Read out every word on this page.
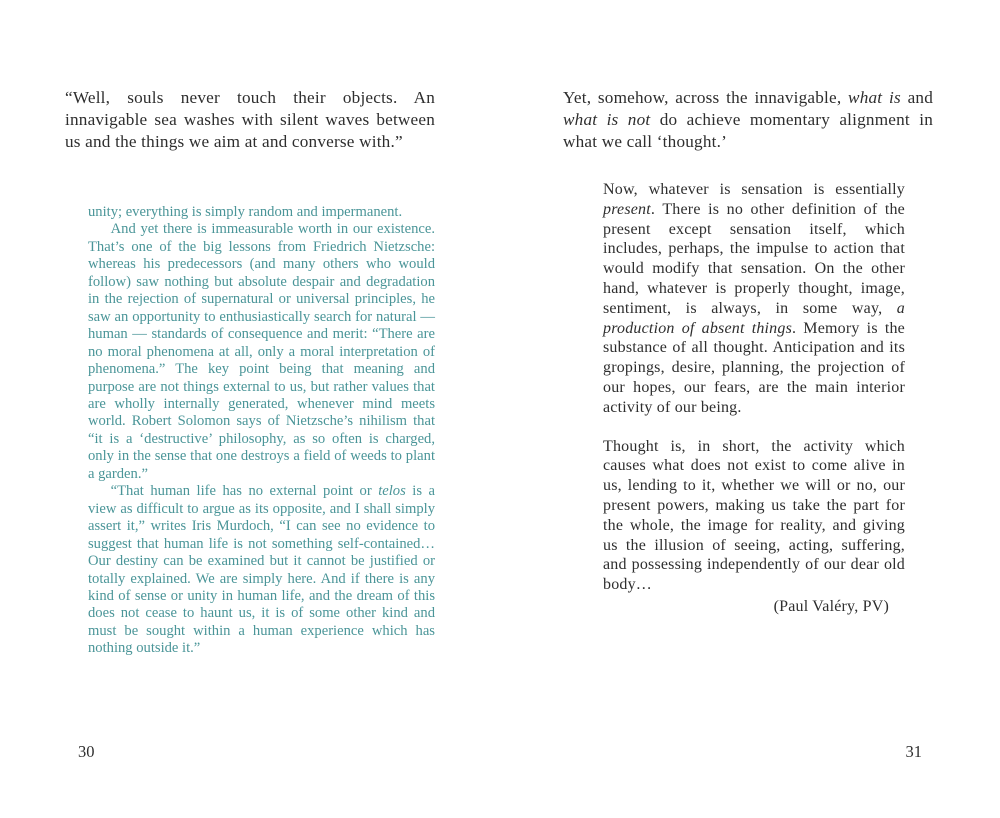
“Well, souls never touch their objects. An innavigable sea washes with silent waves between us and the things we aim at and converse with.”

unity; everything is simply random and impermanent.

And yet there is immeasurable worth in our existence. That’s one of the big lessons from Friedrich Nietzsche: whereas his predecessors (and many others who would follow) saw nothing but absolute despair and degradation in the rejection of supernatural or universal principles, he saw an opportunity to enthusiastically search for natural — human — standards of consequence and merit: “There are no moral phenomena at all, only a moral interpretation of phenomena.” The key point being that meaning and purpose are not things external to us, but rather values that are wholly internally generated, whenever mind meets world. Robert Solomon says of Nietzsche’s nihilism that “it is a ‘destructive’ philosophy, as so often is charged, only in the sense that one destroys a field of weeds to plant a garden.”

“That human life has no external point or telos is a view as difficult to argue as its opposite, and I shall simply assert it,” writes Iris Murdoch, “I can see no evidence to suggest that human life is not something self-contained… Our destiny can be examined but it cannot be justified or totally explained. We are simply here. And if there is any kind of sense or unity in human life, and the dream of this does not cease to haunt us, it is of some other kind and must be sought within a human experience which has nothing outside it.”

30

Yet, somehow, across the innavigable, what is and what is not do achieve momentary alignment in what we call ‘thought.’

Now, whatever is sensation is essentially present. There is no other definition of the present except sensation itself, which includes, perhaps, the impulse to action that would modify that sensation. On the other hand, whatever is properly thought, image, sentiment, is always, in some way, a production of absent things. Memory is the substance of all thought. Anticipation and its gropings, desire, planning, the projection of our hopes, our fears, are the main interior activity of our being.

Thought is, in short, the activity which causes what does not exist to come alive in us, lending to it, whether we will or no, our present powers, making us take the part for the whole, the image for reality, and giving us the illusion of seeing, acting, suffering, and possessing independently of our dear old body…

(Paul Valéry, PV)

31
